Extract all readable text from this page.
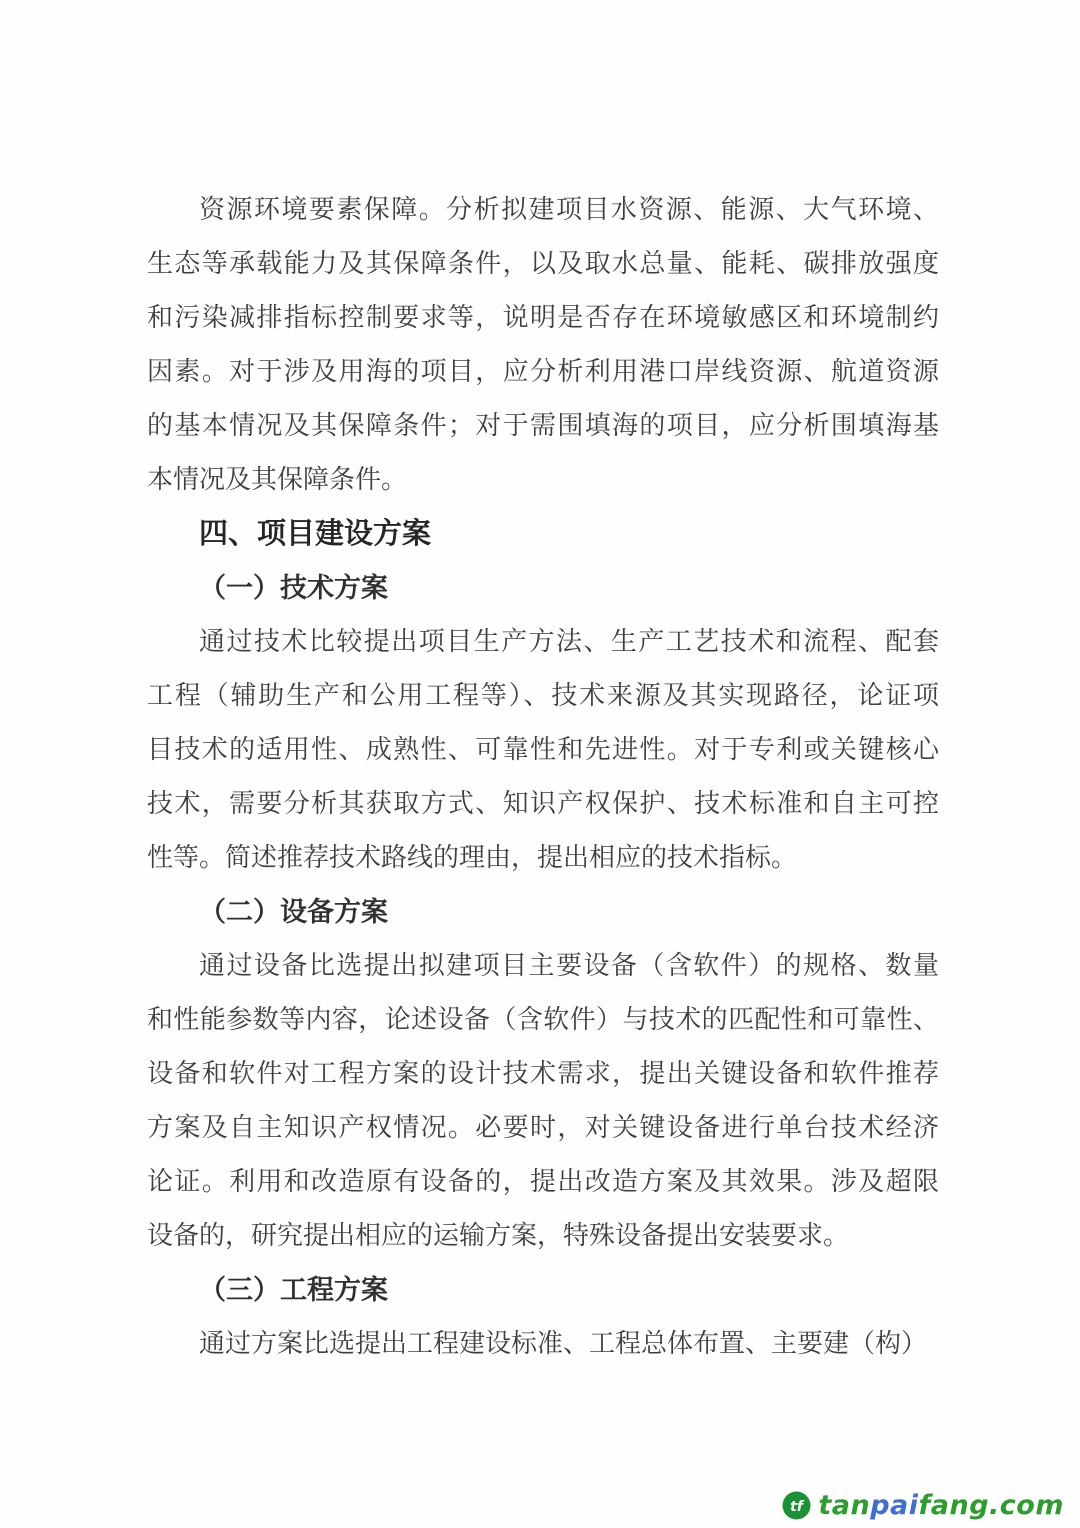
资源环境要素保障。分析拟建项目水资源、能源、大气环境、
生态等承载能力及其保障条件，以及取水总量、能耗、碳排放强度
和污染减排指标控制要求等，说明是否存在环境敏感区和环境制约
因素。对于涉及用海的项目，应分析利用港口岸线资源、航道资源
的基本情况及其保障条件；对于需围填海的项目，应分析围填海基
本情况及其保障条件。
四、项目建设方案
（一）技术方案
通过技术比较提出项目生产方法、生产工艺技术和流程、配套
工程（辅助生产和公用工程等）、技术来源及其实现路径，论证项
目技术的适用性、成熟性、可靠性和先进性。对于专利或关键核心
技术，需要分析其获取方式、知识产权保护、技术标准和自主可控
性等。简述推荐技术路线的理由，提出相应的技术指标。
（二）设备方案
通过设备比选提出拟建项目主要设备（含软件）的规格、数量
和性能参数等内容，论述设备（含软件）与技术的匹配性和可靠性、
设备和软件对工程方案的设计技术需求，提出关键设备和软件推荐
方案及自主知识产权情况。必要时，对关键设备进行单台技术经济
论证。利用和改造原有设备的，提出改造方案及其效果。涉及超限
设备的，研究提出相应的运输方案，特殊设备提出安装要求。
（三）工程方案
通过方案比选提出工程建设标准、工程总体布置、主要建（构）
tf tanpaifang.com
